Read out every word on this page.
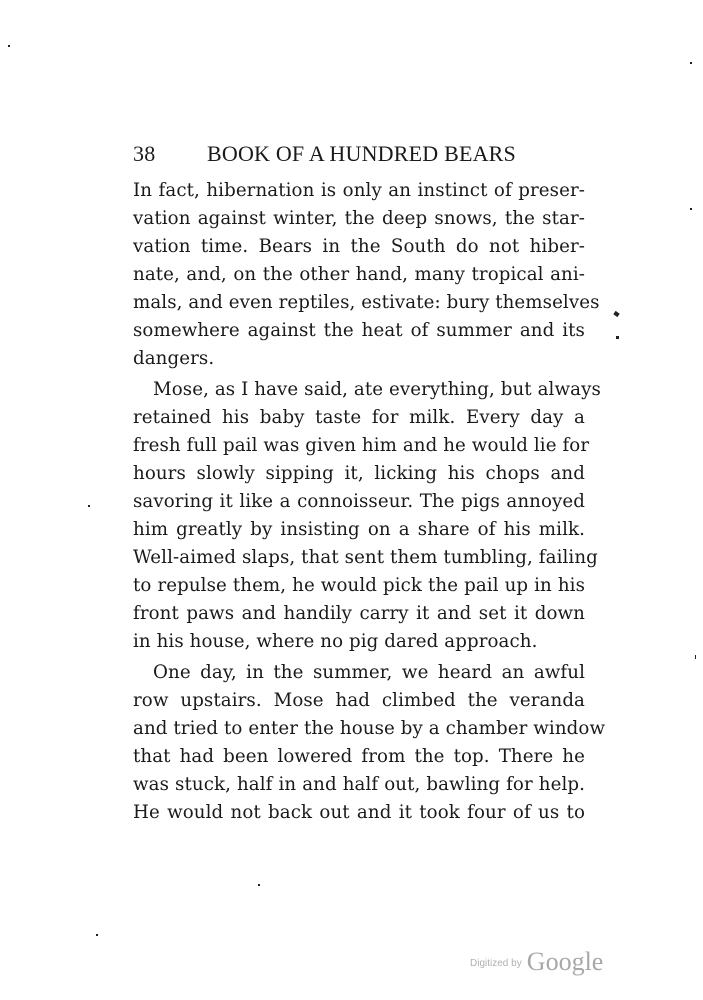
38 BOOK OF A HUNDRED BEARS
In fact, hibernation is only an instinct of preser-
vation against winter, the deep snows, the star-
vation time. Bears in the South do not hiber-
nate, and, on the other hand, many tropical ani-
mals, and even reptiles, estivate: bury themselves
somewhere against the heat of summer and its
dangers.
Mose, as I have said, ate everything, but always
retained his baby taste for milk. Every day a
fresh full pail was given him and he would lie for
hours slowly sipping it, licking his chops and
savoring it like a connoisseur. The pigs annoyed
him greatly by insisting on a share of his milk.
Well-aimed slaps, that sent them tumbling, failing
to repulse them, he would pick the pail up in his
front paws and handily carry it and set it down
in his house, where no pig dared approach.
One day, in the summer, we heard an awful
row upstairs. Mose had climbed the veranda
and tried to enter the house by a chamber window
that had been lowered from the top. There he
was stuck, half in and half out, bawling for help.
He would not back out and it took four of us to
$^{Digitized by}$ Google
